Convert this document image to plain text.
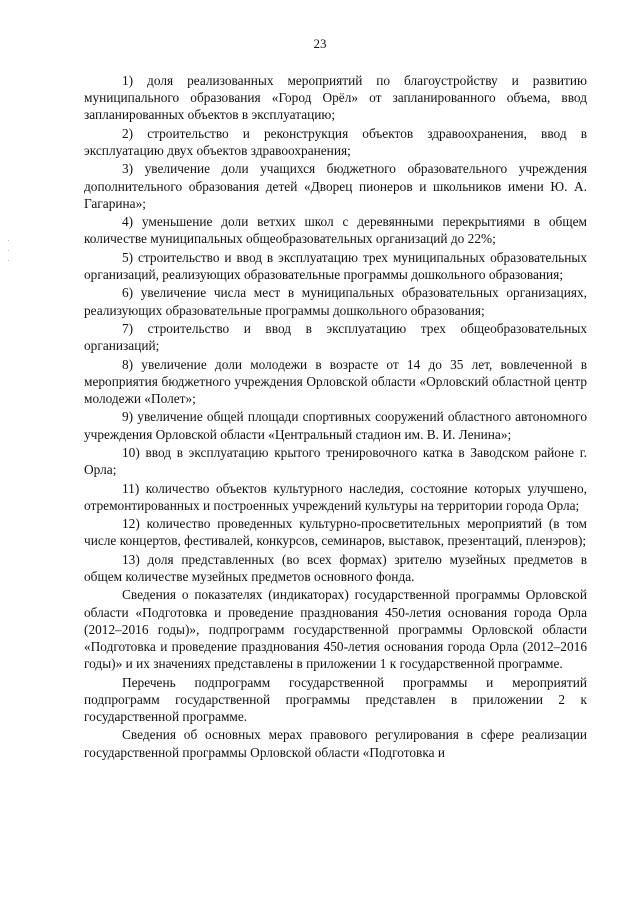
23

1) доля реализованных мероприятий по благоустройству и развитию муниципального образования «Город Орёл» от запланированного объема, ввод запланированных объектов в эксплуатацию;

2) строительство и реконструкция объектов здравоохранения, ввод в эксплуатацию двух объектов здравоохранения;

3) увеличение доли учащихся бюджетного образовательного учреждения дополнительного образования детей «Дворец пионеров и школьников имени Ю. А. Гагарина»;

4) уменьшение доли ветхих школ с деревянными перекрытиями в общем количестве муниципальных общеобразовательных организаций до 22%;

5) строительство и ввод в эксплуатацию трех муниципальных образовательных организаций, реализующих образовательные программы дошкольного образования;

6) увеличение числа мест в муниципальных образовательных организациях, реализующих образовательные программы дошкольного образования;

7) строительство и ввод в эксплуатацию трех общеобразовательных организаций;

8) увеличение доли молодежи в возрасте от 14 до 35 лет, вовлеченной в мероприятия бюджетного учреждения Орловской области «Орловский областной центр молодежи «Полет»;

9) увеличение общей площади спортивных сооружений областного автономного учреждения Орловской области «Центральный стадион им. В. И. Ленина»;

10) ввод в эксплуатацию крытого тренировочного катка в Заводском районе г. Орла;

11) количество объектов культурного наследия, состояние которых улучшено, отремонтированных и построенных учреждений культуры на территории города Орла;

12) количество проведенных культурно-просветительных мероприятий (в том числе концертов, фестивалей, конкурсов, семинаров, выставок, презентаций, пленэров);

13) доля представленных (во всех формах) зрителю музейных предметов в общем количестве музейных предметов основного фонда.

Сведения о показателях (индикаторах) государственной программы Орловской области «Подготовка и проведение празднования 450-летия основания города Орла (2012–2016 годы)», подпрограмм государственной программы Орловской области «Подготовка и проведение празднования 450-летия основания города Орла (2012–2016 годы)» и их значениях представлены в приложении 1 к государственной программе.

Перечень подпрограмм государственной программы и мероприятий подпрограмм государственной программы представлен в приложении 2 к государственной программе.

Сведения об основных мерах правового регулирования в сфере реализации государственной программы Орловской области «Подготовка и
